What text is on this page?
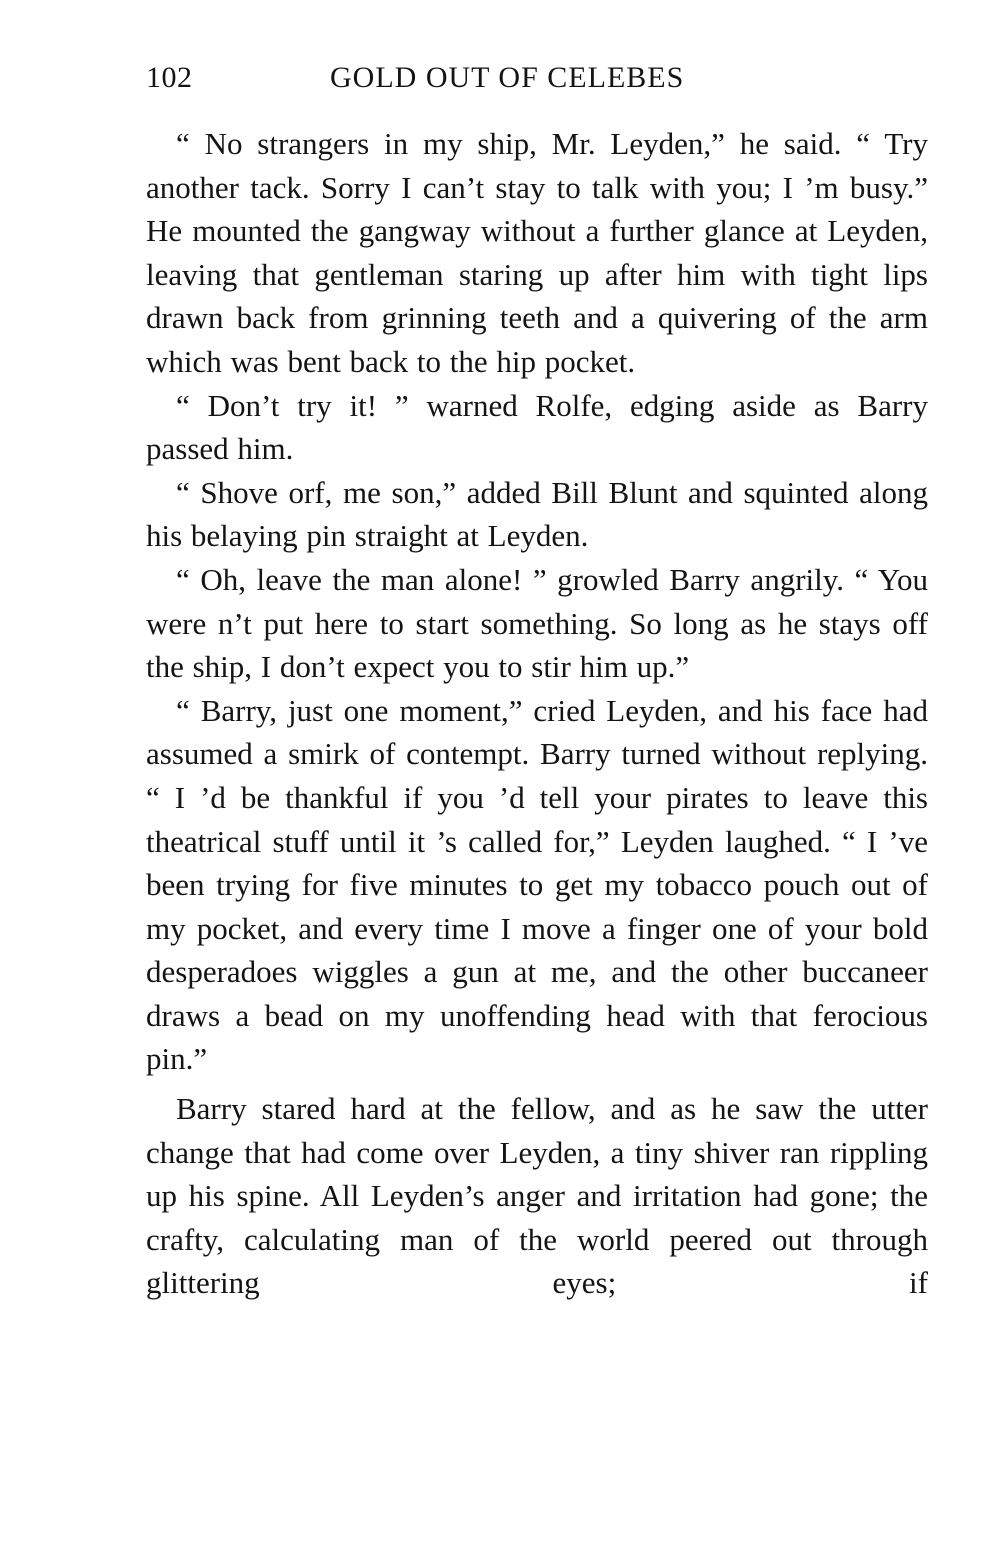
102	GOLD OUT OF CELEBES

“ No strangers in my ship, Mr. Leyden,” he said. “ Try another tack. Sorry I can’t stay to talk with you; I ’m busy.” He mounted the gangway without a further glance at Leyden, leaving that gentleman staring up after him with tight lips drawn back from grinning teeth and a quivering of the arm which was bent back to the hip pocket.

“ Don’t try it! ” warned Rolfe, edging aside as Barry passed him.

“ Shove orf, me son,” added Bill Blunt and squinted along his belaying pin straight at Leyden.

“ Oh, leave the man alone! ” growled Barry angrily. “ You were n’t put here to start something. So long as he stays off the ship, I don’t expect you to stir him up.”

“ Barry, just one moment,” cried Leyden, and his face had assumed a smirk of contempt. Barry turned without replying. “ I ’d be thankful if you ’d tell your pirates to leave this theatrical stuff until it ’s called for,” Leyden laughed. “ I ’ve been trying for five minutes to get my tobacco pouch out of my pocket, and every time I move a finger one of your bold desperadoes wiggles a gun at me, and the other buccaneer draws a bead on my unoffending head with that ferocious pin.”

Barry stared hard at the fellow, and as he saw the utter change that had come over Leyden, a tiny shiver ran rippling up his spine. All Leyden’s anger and irritation had gone; the crafty, calculating man of the world peered out through glittering eyes; if
